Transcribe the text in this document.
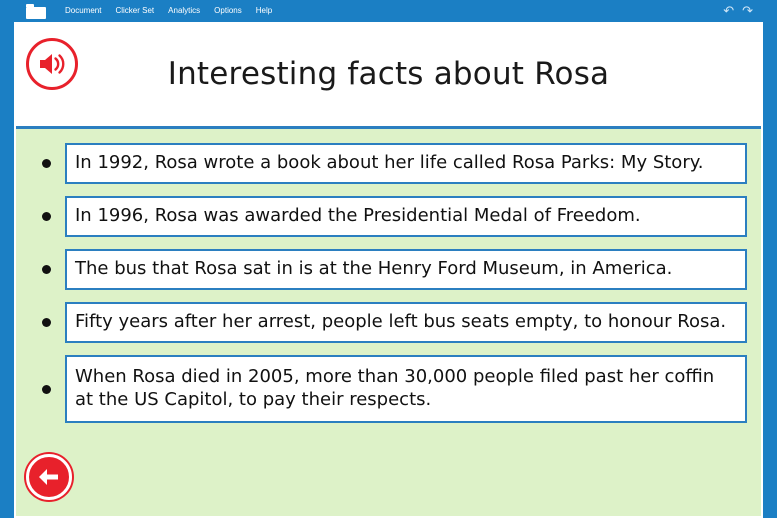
Document	Clicker Set	Analytics	Options	Help	↶ ↷
Interesting facts about Rosa
In 1992, Rosa wrote a book about her life called Rosa Parks: My Story.
In 1996, Rosa was awarded the Presidential Medal of Freedom.
The bus that Rosa sat in is at the Henry Ford Museum, in America.
Fifty years after her arrest, people left bus seats empty, to honour Rosa.
When Rosa died in 2005, more than 30,000 people filed past her coffin at the US Capitol, to pay their respects.
